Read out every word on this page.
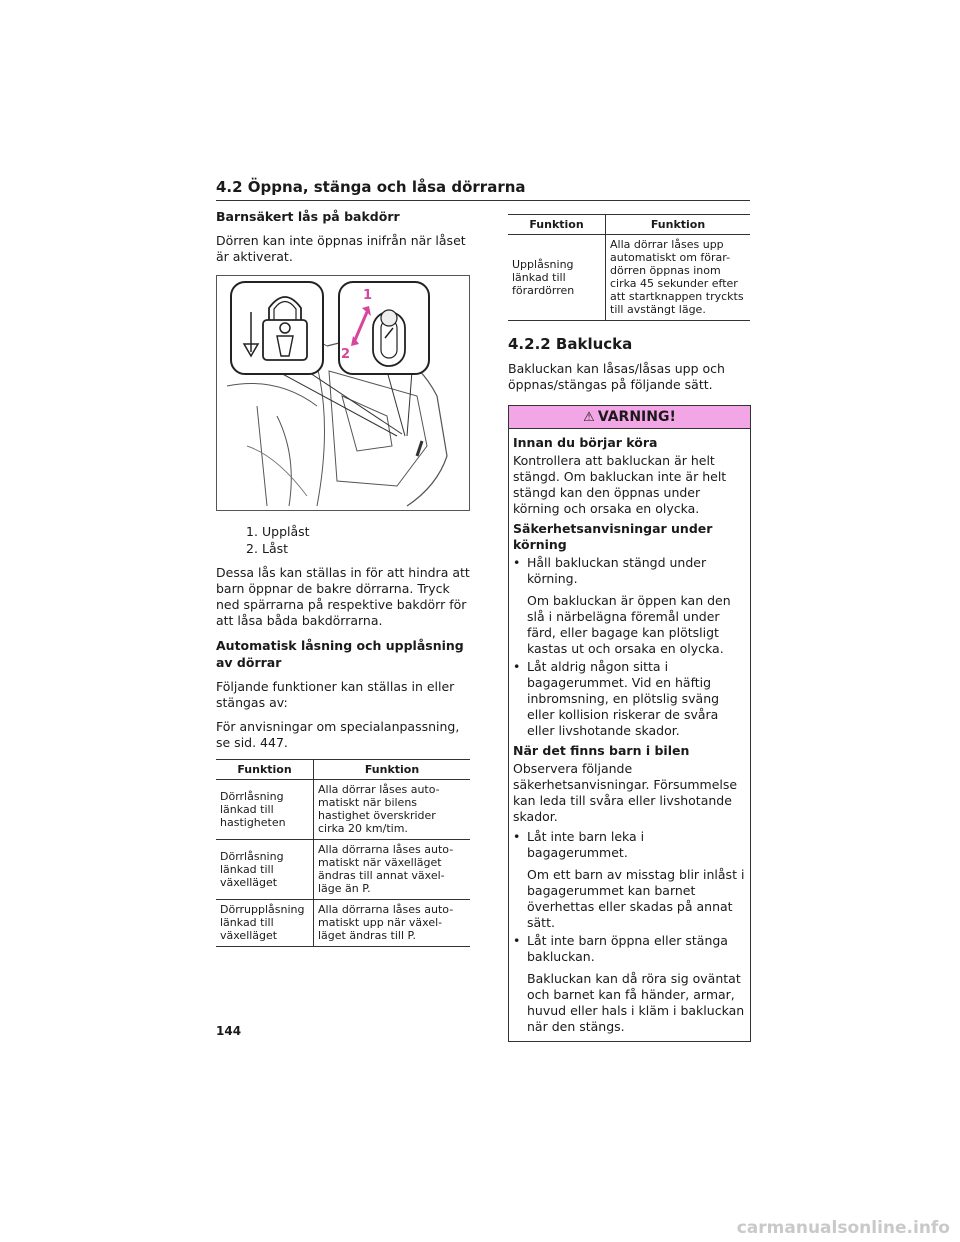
4.2 Öppna, stänga och låsa dörrarna
Barnsäkert lås på bakdörr
Dörren kan inte öppnas inifrån när låset är aktiverat.
1
2
1. Upplåst
2. Låst
Dessa lås kan ställas in för att hindra att barn öppnar de bakre dörrarna. Tryck ned spärrarna på respektive bakdörr för att låsa båda bakdörrarna.
Automatisk låsning och upplåsning av dörrar
Följande funktioner kan ställas in eller stängas av:
För anvisningar om specialanpassning, se sid. 447.
Funktion	Funktion
Dörrlåsning länkad till hastigheten	Alla dörrar låses auto-matiskt när bilens hastighet överskrider cirka 20 km/tim.
Dörrlåsning länkad till växelläget	Alla dörrarna låses auto-matiskt när växelläget ändras till annat växel-läge än P.
Dörrupplåsning länkad till växelläget	Alla dörrarna låses auto-matiskt upp när växel-läget ändras till P.
Funktion	Funktion
Upplåsning länkad till förardörren	Alla dörrar låses upp automatiskt om förar-dörren öppnas inom cirka 45 sekunder efter att startknappen tryckts till avstängt läge.
4.2.2 Baklucka
Bakluckan kan låsas/låsas upp och öppnas/stängas på följande sätt.
⚠ VARNING!
Innan du börjar köra
Kontrollera att bakluckan är helt stängd. Om bakluckan inte är helt stängd kan den öppnas under körning och orsaka en olycka.
Säkerhetsanvisningar under körning
• Håll bakluckan stängd under körning.
Om bakluckan är öppen kan den slå i närbelägna föremål under färd, eller bagage kan plötsligt kastas ut och orsaka en olycka.
• Låt aldrig någon sitta i bagagerummet. Vid en häftig inbromsning, en plötslig sväng eller kollision riskerar de svåra eller livshotande skador.
När det finns barn i bilen
Observera följande säkerhetsanvisningar. Försummelse kan leda till svåra eller livshotande skador.
• Låt inte barn leka i bagagerummet.
Om ett barn av misstag blir inlåst i bagagerummet kan barnet överhettas eller skadas på annat sätt.
• Låt inte barn öppna eller stänga bakluckan.
Bakluckan kan då röra sig oväntat och barnet kan få händer, armar, huvud eller hals i kläm i bakluckan när den stängs.
144
carmanualsonline.info
